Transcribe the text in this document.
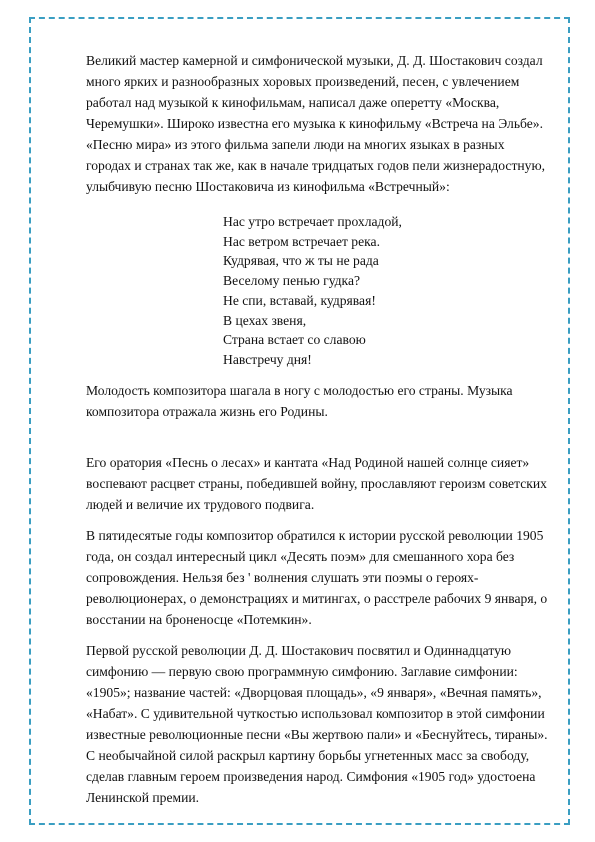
Великий мастер камерной и симфонической музыки, Д. Д. Шостакович создал много ярких и разнообразных хоровых произведений, песен, с увлечением работал над музыкой к кинофильмам, написал даже оперетту «Москва, Черемушки». Широко известна его музыка к кинофильму «Встреча на Эльбе». «Песню мира» из этого фильма запели люди на многих языках в разных городах и странах так же, как в начале тридцатых годов пели жизнерадостную, улыбчивую песню Шостаковича из кинофильма «Встречный»:

Нас утро встречает прохладой,
Нас ветром встречает река.
Кудрявая, что ж ты не рада
Веселому пенью гудка?
Не спи, вставай, кудрявая!
В цехах звеня,
Страна встает со славою
Навстречу дня!

Молодость композитора шагала в ногу с молодостью его страны. Музыка композитора отражала жизнь его Родины.

Его оратория «Песнь о лесах» и кантата «Над Родиной нашей солнце сияет» воспевают расцвет страны, победившей войну, прославляют героизм советских людей и величие их трудового подвига.

В пятидесятые годы композитор обратился к истории русской революции 1905 года, он создал интересный цикл «Десять поэм» для смешанного хора без сопровождения. Нельзя без ' волнения слушать эти поэмы о героях-революционерах, о демонстрациях и митингах, о расстреле рабочих 9 января, о восстании на броненосце «Потемкин».

Первой русской революции Д. Д. Шостакович посвятил и Одиннадцатую симфонию — первую свою программную симфонию. Заглавие симфонии: «1905»; название частей: «Дворцовая площадь», «9 января», «Вечная память», «Набат». С удивительной чуткостью использовал композитор в этой симфонии известные революционные песни «Вы жертвою пали» и «Беснуйтесь, тираны». С необычайной силой раскрыл картину борьбы угнетенных масс за свободу, сделав главным героем произведения народ. Симфония «1905 год» удостоена Ленинской премии.
